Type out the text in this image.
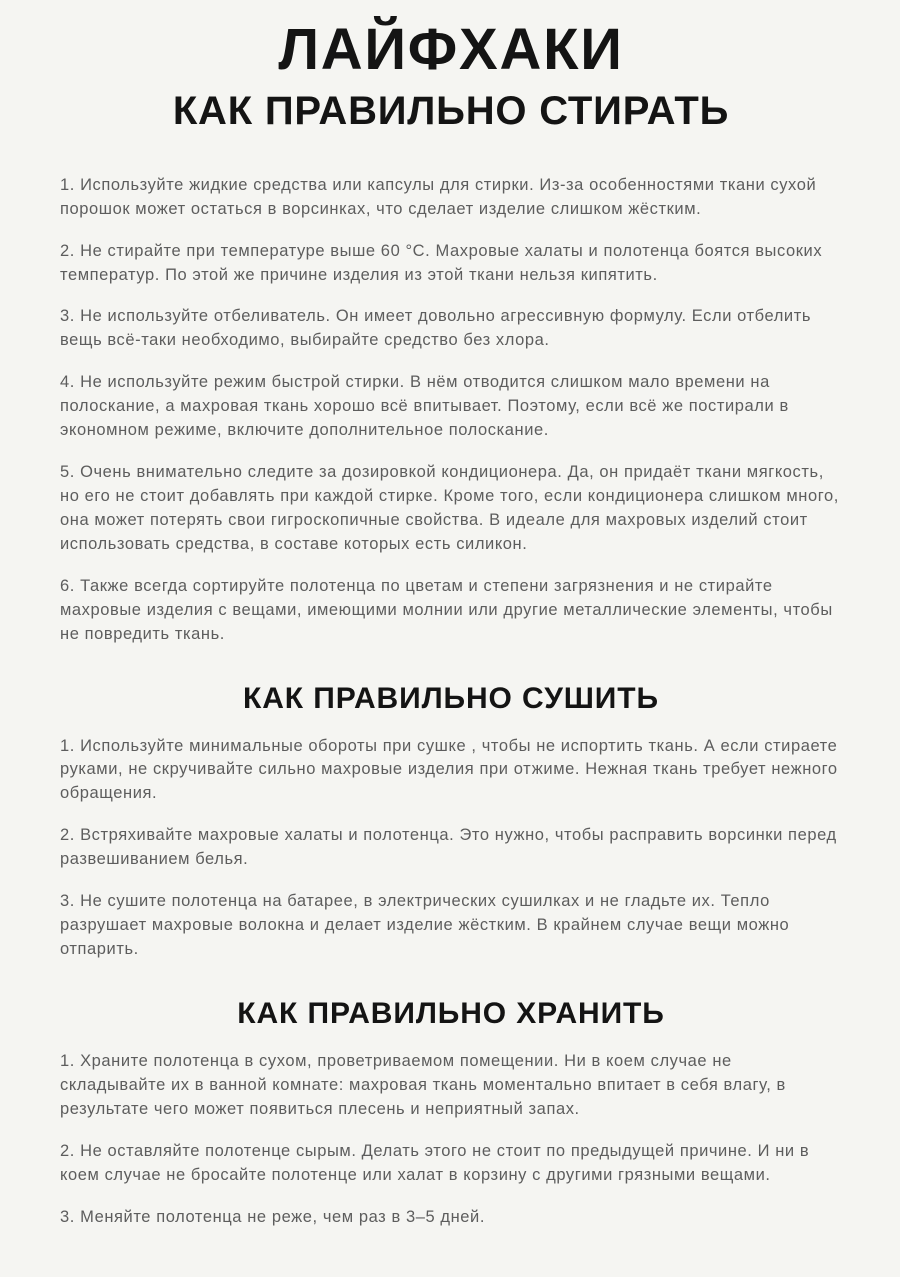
ЛАЙФХАКИ
КАК ПРАВИЛЬНО СТИРАТЬ

1. Используйте жидкие средства или капсулы для стирки. Из-за особенностями ткани сухой порошок может остаться в ворсинках, что сделает изделие слишком жёстким.

2. Не стирайте при температуре выше 60 °С. Махровые халаты и полотенца боятся высоких температур. По этой же причине изделия из этой ткани нельзя кипятить.

3. Не используйте отбеливатель. Он имеет довольно агрессивную формулу. Если отбелить вещь всё-таки необходимо, выбирайте средство без хлора.

4. Не используйте режим быстрой стирки. В нём отводится слишком мало времени на полоскание, а махровая ткань хорошо всё впитывает. Поэтому, если всё же постирали в экономном режиме, включите дополнительное полоскание.

5. Очень внимательно следите за дозировкой кондиционера. Да, он придаёт ткани мягкость, но его не стоит добавлять при каждой стирке. Кроме того, если кондиционера слишком много, она может потерять свои гигроскопичные свойства. В идеале для махровых изделий стоит использовать средства, в составе которых есть силикон.

6. Также всегда сортируйте полотенца по цветам и степени загрязнения и не стирайте махровые изделия с вещами, имеющими молнии или другие металлические элементы, чтобы не повредить ткань.

КАК ПРАВИЛЬНО СУШИТЬ

1. Используйте минимальные обороты при сушке , чтобы не испортить ткань. А если стираете руками, не скручивайте сильно махровые изделия при отжиме. Нежная ткань требует нежного обращения.

2. Встряхивайте махровые халаты и полотенца. Это нужно, чтобы расправить ворсинки перед развешиванием белья.

3. Не сушите полотенца на батарее, в электрических сушилках и не гладьте их. Тепло разрушает махровые волокна и делает изделие жёстким. В крайнем случае вещи можно отпарить.

КАК ПРАВИЛЬНО ХРАНИТЬ

1. Храните полотенца в сухом, проветриваемом помещении. Ни в коем случае не складывайте их в ванной комнате: махровая ткань моментально впитает в себя влагу, в результате чего может появиться плесень и неприятный запах.

2. Не оставляйте полотенце сырым. Делать этого не стоит по предыдущей причине. И ни в коем случае не бросайте полотенце или халат в корзину с другими грязными вещами.

3. Меняйте полотенца не реже, чем раз в 3–5 дней.
